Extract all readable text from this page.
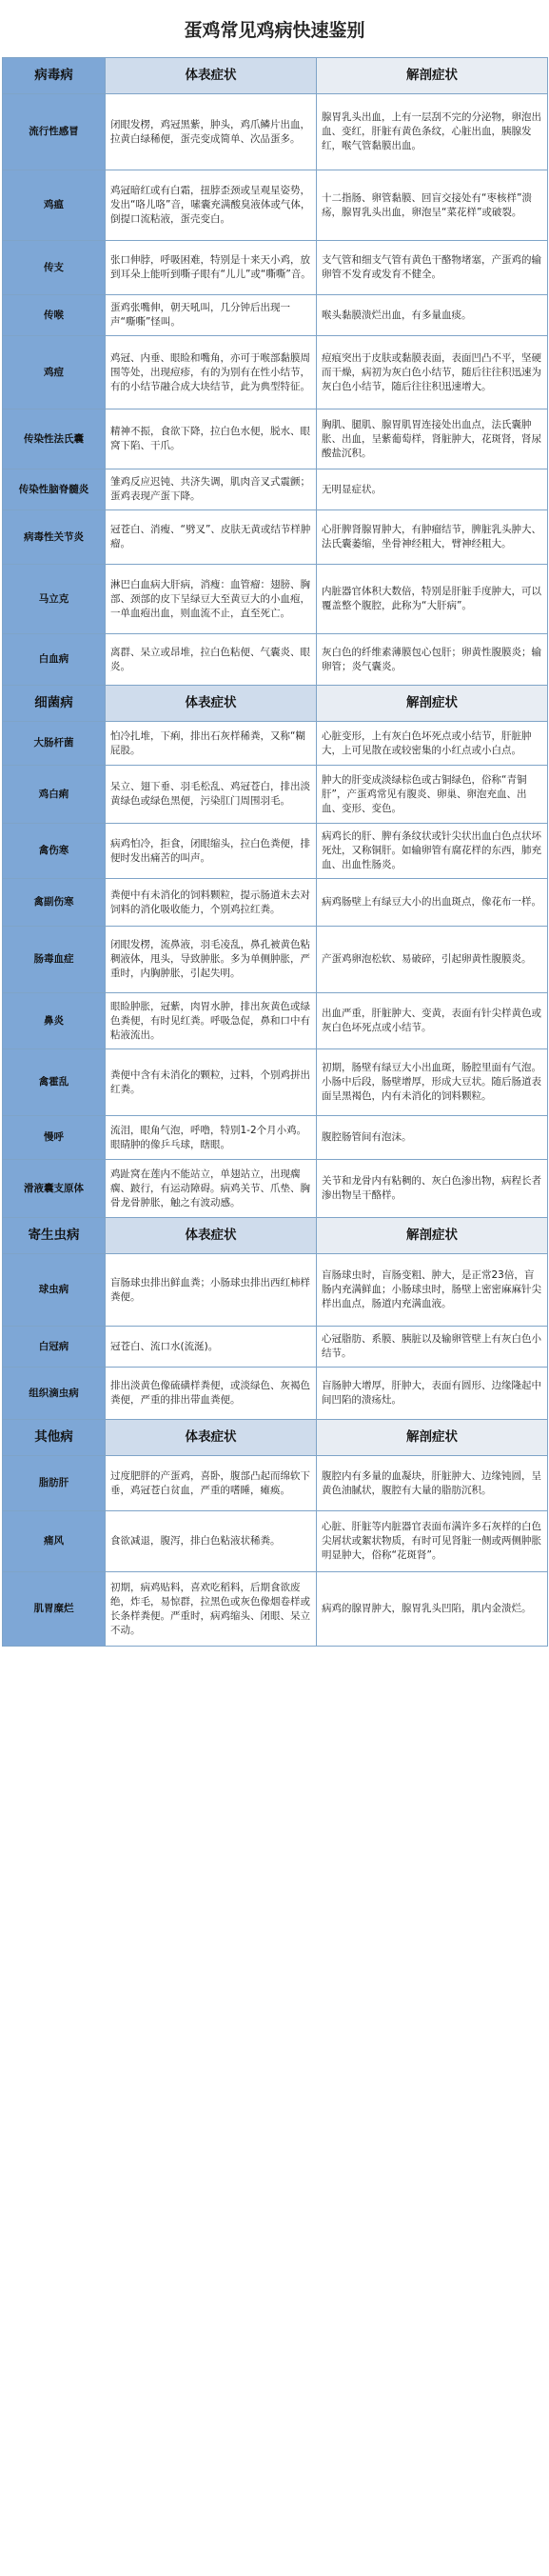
蛋鸡常见鸡病快速鉴别
病毒病	体表症状	解剖症状
流行性感冒	闭眼发楞，鸡冠黑紫，肿头，鸡爪鳞片出血，拉黄白绿稀便，蛋壳变成简单、次品蛋多。	腺胃乳头出血，上有一层刮不完的分泌物，卵泡出血、变红，肝脏有黄色条纹，心脏出血，胰腺发红，喉气管黏膜出血。
鸡瘟	鸡冠暗红或有白霜，扭脖歪颈或呈观星姿势，发出“咯儿咯”音，嗉囊充满酸臭液体或气体，倒提口流粘液，蛋壳变白。	十二指肠、卵管黏膜、回盲交接处有“枣核样”溃疡，腺胃乳头出血，卵泡呈“菜花样”或破裂。
传支	张口伸脖，呼吸困难，特别是十来天小鸡，放到耳朵上能听到嘶子眼有“儿儿”或“嘶嘶”音。	支气管和细支气管有黄色干酪物堵塞，产蛋鸡的输卵管不发育或发育不健全。
传喉	蛋鸡张嘴伸，朝天吼叫，几分钟后出现一声“嘶嘶”怪叫。	喉头黏膜溃烂出血，有多量血痰。
鸡痘	鸡冠、内垂、眼睑和嘴角，亦可于喉部黏膜周围等处，出现痘疹，有的为别有在性小结节，有的小结节融合成大块结节，此为典型特征。	痘痕突出于皮肤或黏膜表面，表面凹凸不平，坚硬而干燥，病初为灰白色小结节，随后往往积迅速为灰白色小结节，随后往往积迅速增大。
传染性法氏囊	精神不振，食欲下降，拉白色水便，脱水、眼窝下陷、干爪。	胸肌、腿肌、腺胃肌胃连接处出血点，法氏囊肿胀、出血，呈紫葡萄样，肾脏肿大，花斑肾，肾尿酸盐沉积。
传染性脑脊髓炎	雏鸡反应迟钝、共济失调，肌肉音叉式震颤；蛋鸡表现产蛋下降。	无明显症状。
病毒性关节炎	冠苍白、消瘦、“劈叉”、皮肤无黄或结节样肿瘤。	心肝脾肾腺胃肿大，有肿瘤结节，脾脏乳头肿大、法氏囊萎缩，坐骨神经粗大，臂神经粗大。
马立克	淋巴白血病大肝病，消瘦：血管瘤：翅膀、胸部、颈部的皮下呈绿豆大至黄豆大的小血疱，一单血疱出血，则血流不止，直至死亡。	内脏器官体积大数倍，特别是肝脏手度肿大，可以覆盖整个腹腔，此称为“大肝病”。
白血病	离群、呆立或昂堆，拉白色粘便、气囊炎、眼炎。	灰白色的纤维素薄膜包心包肝；卵黄性腹膜炎；输卵管；炎气囊炎。
细菌病	体表症状	解剖症状
大肠杆菌	怕冷扎堆，下痢，排出石灰样稀粪，又称“糊屁股。	心脏变形，上有灰白色坏死点或小结节，肝脏肿大，上可见散在或较密集的小红点或小白点。
鸡白痢	呆立、翅下垂、羽毛松乱、鸡冠苍白，排出淡黄绿色或绿色黑便，污染肛门周围羽毛。	肿大的肝变成淡绿棕色或古铜绿色，俗称“青铜肝”，产蛋鸡常见有腹炎、卵巢、卵泡充血、出血、变形、变色。
禽伤寒	病鸡怕冷，拒食，闭眼缩头，拉白色粪便，排便时发出痛苦的叫声。	病鸡长的肝、脾有条纹状或针尖状出血白色点状坏死灶，又称铜肝。如输卵管有腐花样的东西，肺充血、出血性肠炎。
禽副伤寒	粪便中有未消化的饲料颗粒，提示肠道未去对饲料的消化吸收能力，个别鸡拉红粪。	病鸡肠壁上有绿豆大小的出血斑点，像花布一样。
肠毒血症	闭眼发楞，流鼻液，羽毛凌乱，鼻孔被黄色粘稠液体，甩头，导致肿胀。多为单侧肿胀，严重时，内胸肿胀，引起失明。	产蛋鸡卵泡松软、易破碎，引起卵黄性腹膜炎。
鼻炎	眼睑肿胀，冠紫，肉胃水肿，排出灰黄色或绿色粪便，有时见红粪。呼吸急促，鼻和口中有粘液流出。	出血严重，肝脏肿大、变黄，表面有针尖样黄色或灰白色坏死点或小结节。
禽霍乱	粪便中含有未消化的颗粒，过料，个别鸡拼出红粪。	初期，肠壁有绿豆大小出血斑，肠腔里面有气泡。小肠中后段，肠壁增厚，形成大豆状。随后肠道表面呈黑褐色，内有未消化的饲料颗粒。
慢呼	流泪，眼角气泡，呼噜，特别1-2个月小鸡。眼睛肿的像乒乓球，瞎眼。	腹腔肠管间有泡沫。
滑液囊支原体	鸡趾窝在莲内不能站立，单翅站立，出现瘸瘸、跛行，有运动障碍。病鸡关节、爪垫、胸骨龙骨肿胀，触之有波动感。	关节和龙骨内有粘稠的、灰白色渗出物，病程长者渗出物呈干酪样。
寄生虫病	体表症状	解剖症状
球虫病	盲肠球虫排出鲜血粪；小肠球虫排出西红柿样粪便。	盲肠球虫时，盲肠变粗、肿大，是正常23倍，盲肠内充满鲜血；小肠球虫时，肠壁上密密麻麻针尖样出血点，肠道内充满血液。
白冠病	冠苍白、流口水(流涎)。	心冠脂肪、系膜、胰脏以及输卵管壁上有灰白色小结节。
组织滴虫病	排出淡黄色像硫磺样粪便，或淡绿色、灰褐色粪便，严重的排出带血粪便。	盲肠肿大增厚，肝肿大，表面有圆形、边缘隆起中间凹陷的溃疡灶。
其他病	体表症状	解剖症状
脂肪肝	过度肥胖的产蛋鸡，喜卧，腹部凸起而绵软下垂，鸡冠苍白贫血，严重的嗜睡，瘫痪。	腹腔内有多量的血凝块，肝脏肿大、边缘钝圆，呈黄色油腻状，腹腔有大量的脂肪沉积。
痛风	食欲减退，腹泻，排白色粘液状稀粪。	心脏、肝脏等内脏器官表面布满许多石灰样的白色尖屑状或絮状物质，有时可见肾脏一侧或两侧肿胀明显肿大，俗称“花斑肾”。
肌胃糜烂	初期，病鸡贴料，喜欢吃稻料，后期食欲废绝，炸毛，易惊群，拉黑色或灰色像烟卷样或长条样粪便。严重时，病鸡缩头、闭眼、呆立不动。	病鸡的腺胃肿大，腺胃乳头凹陷，肌内金溃烂。
